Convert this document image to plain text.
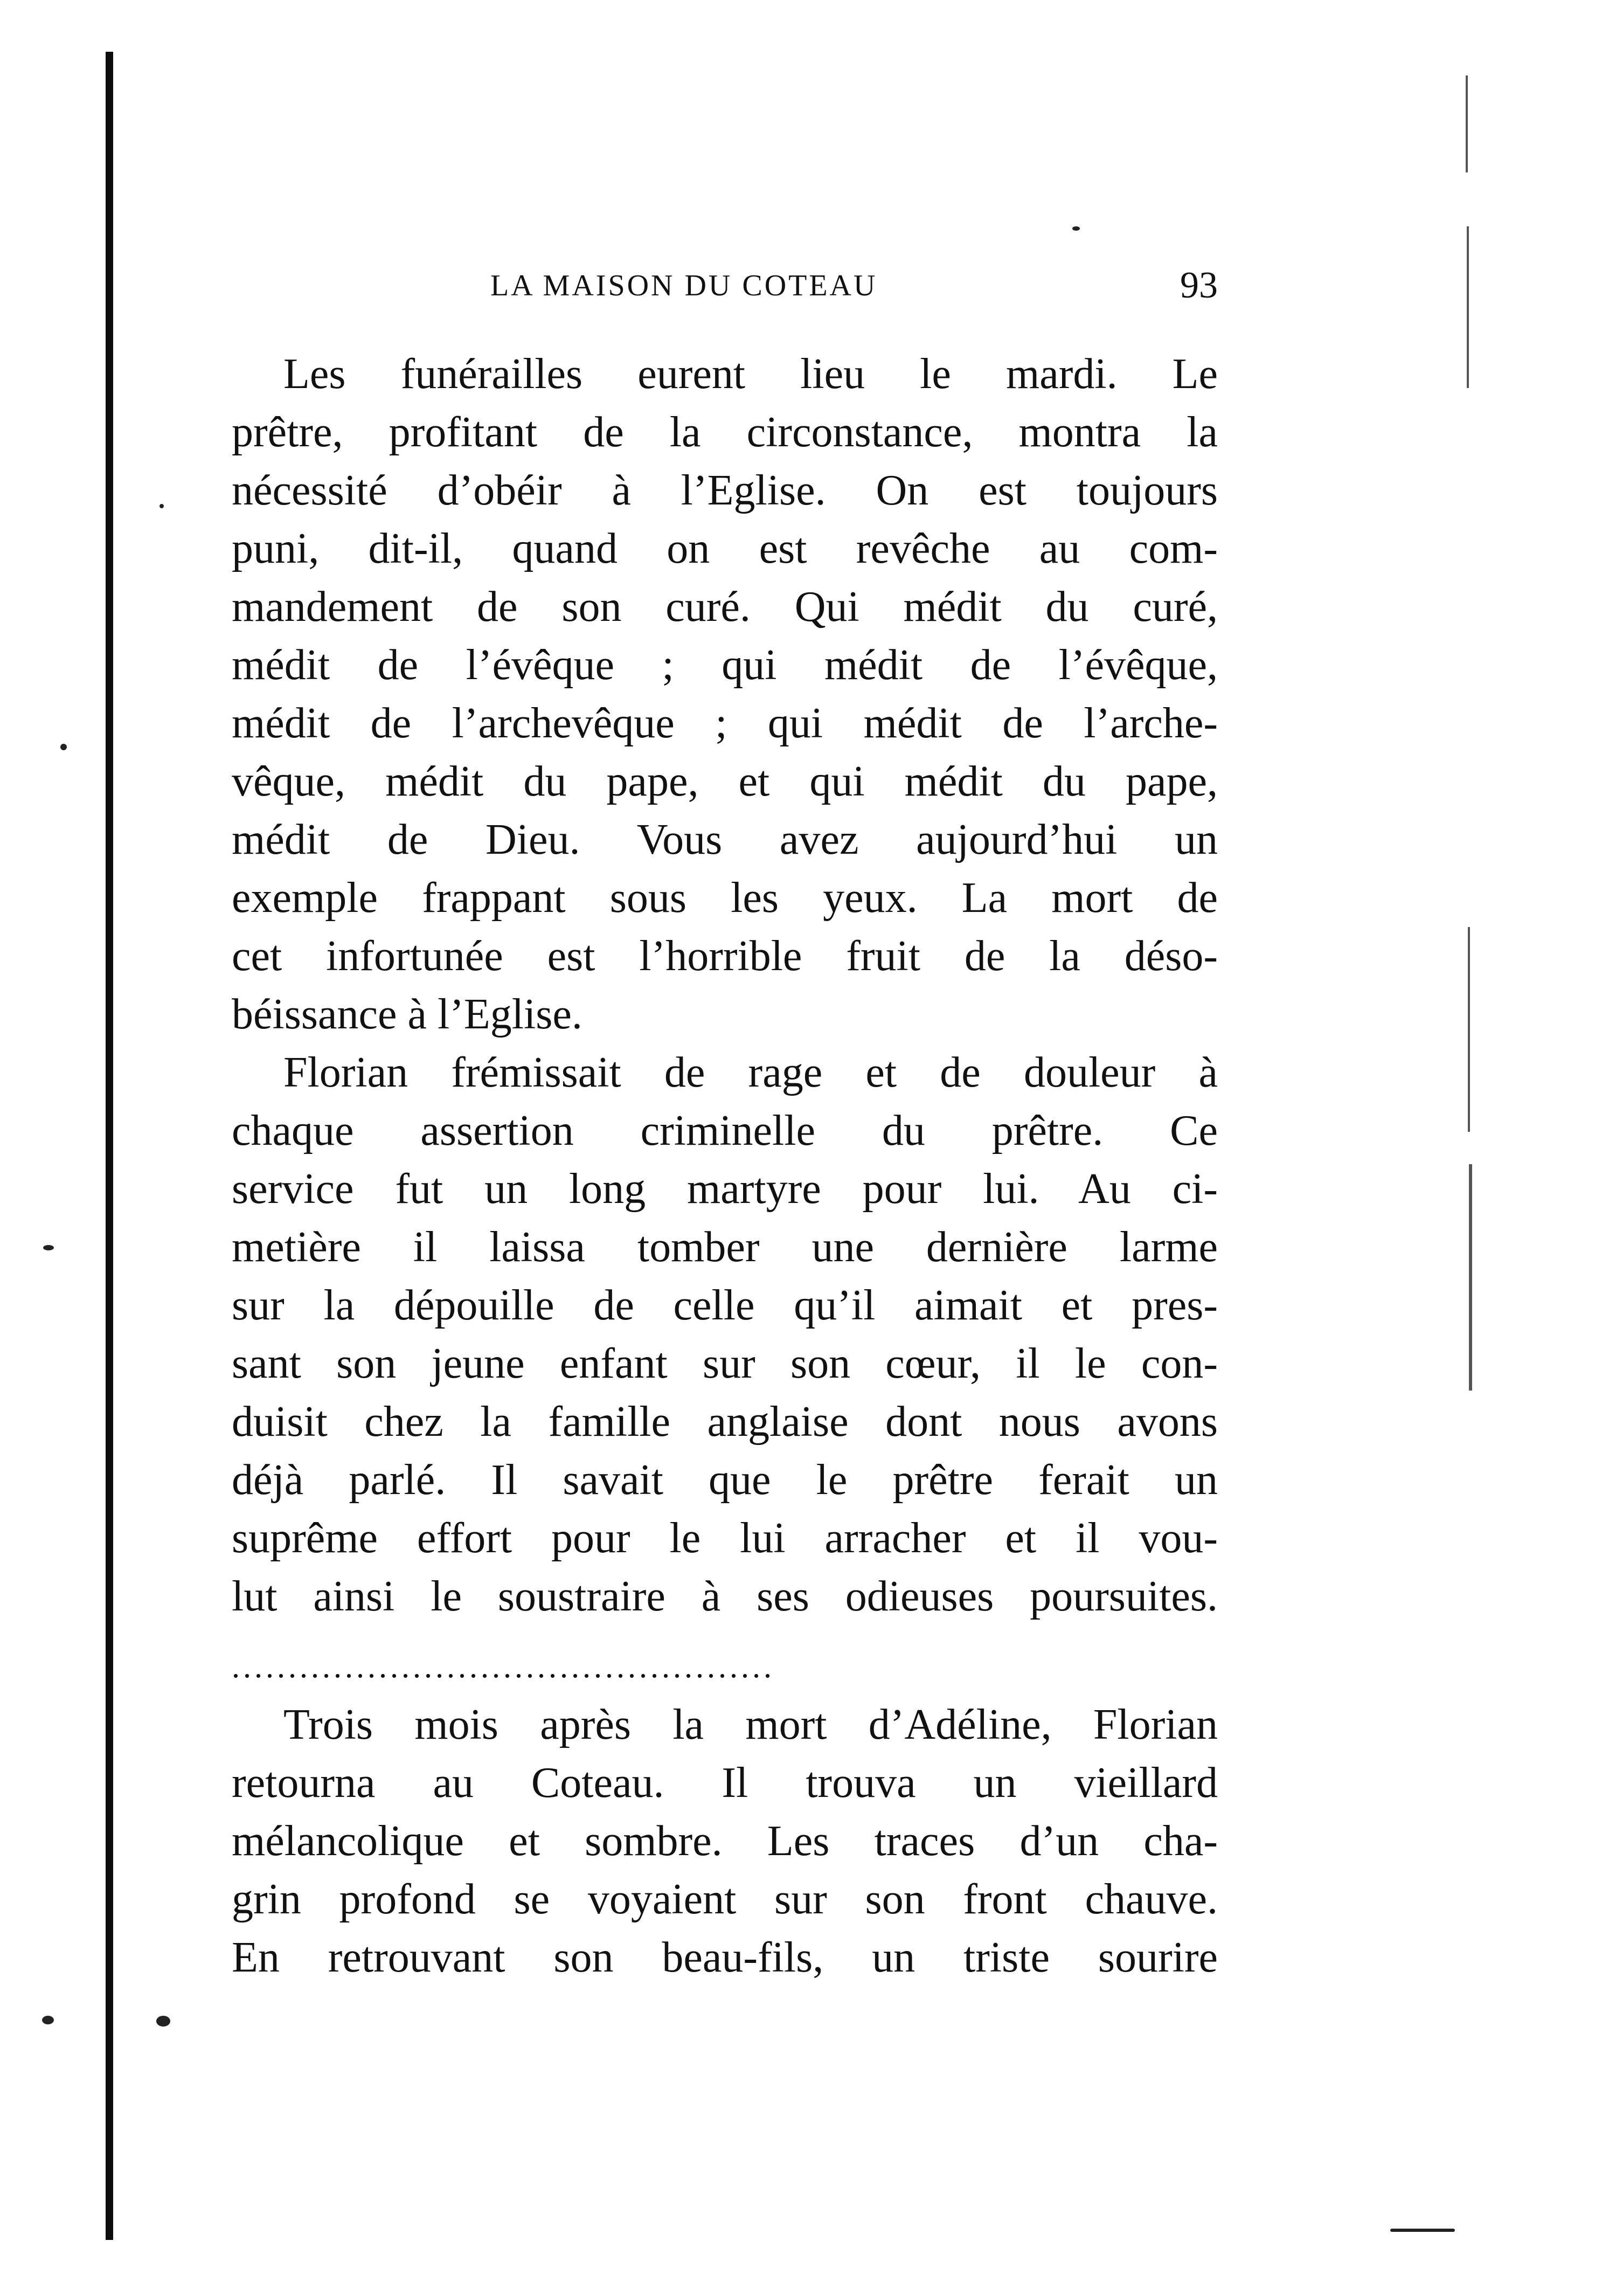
LA MAISON DU COTEAU	93
Les funérailles eurent lieu le mardi. Le
prêtre, profitant de la circonstance, montra la
nécessité d’obéir à l’Eglise. On est toujours
puni, dit-il, quand on est revêche au com-
mandement de son curé. Qui médit du curé,
médit de l’évêque ; qui médit de l’évêque,
médit de l’archevêque ; qui médit de l’arche-
vêque, médit du pape, et qui médit du pape,
médit de Dieu. Vous avez aujourd’hui un
exemple frappant sous les yeux. La mort de
cet infortunée est l’horrible fruit de la déso-
béissance à l’Eglise.
Florian frémissait de rage et de douleur à
chaque assertion criminelle du prêtre. Ce
service fut un long martyre pour lui. Au ci-
metière il laissa tomber une dernière larme
sur la dépouille de celle qu’il aimait et pres-
sant son jeune enfant sur son cœur, il le con-
duisit chez la famille anglaise dont nous avons
déjà parlé. Il savait que le prêtre ferait un
suprême effort pour le lui arracher et il vou-
lut ainsi le soustraire à ses odieuses poursuites.
................................................
Trois mois après la mort d’Adéline, Florian
retourna au Coteau. Il trouva un vieillard
mélancolique et sombre. Les traces d’un cha-
grin profond se voyaient sur son front chauve.
En retrouvant son beau-fils, un triste sourire
